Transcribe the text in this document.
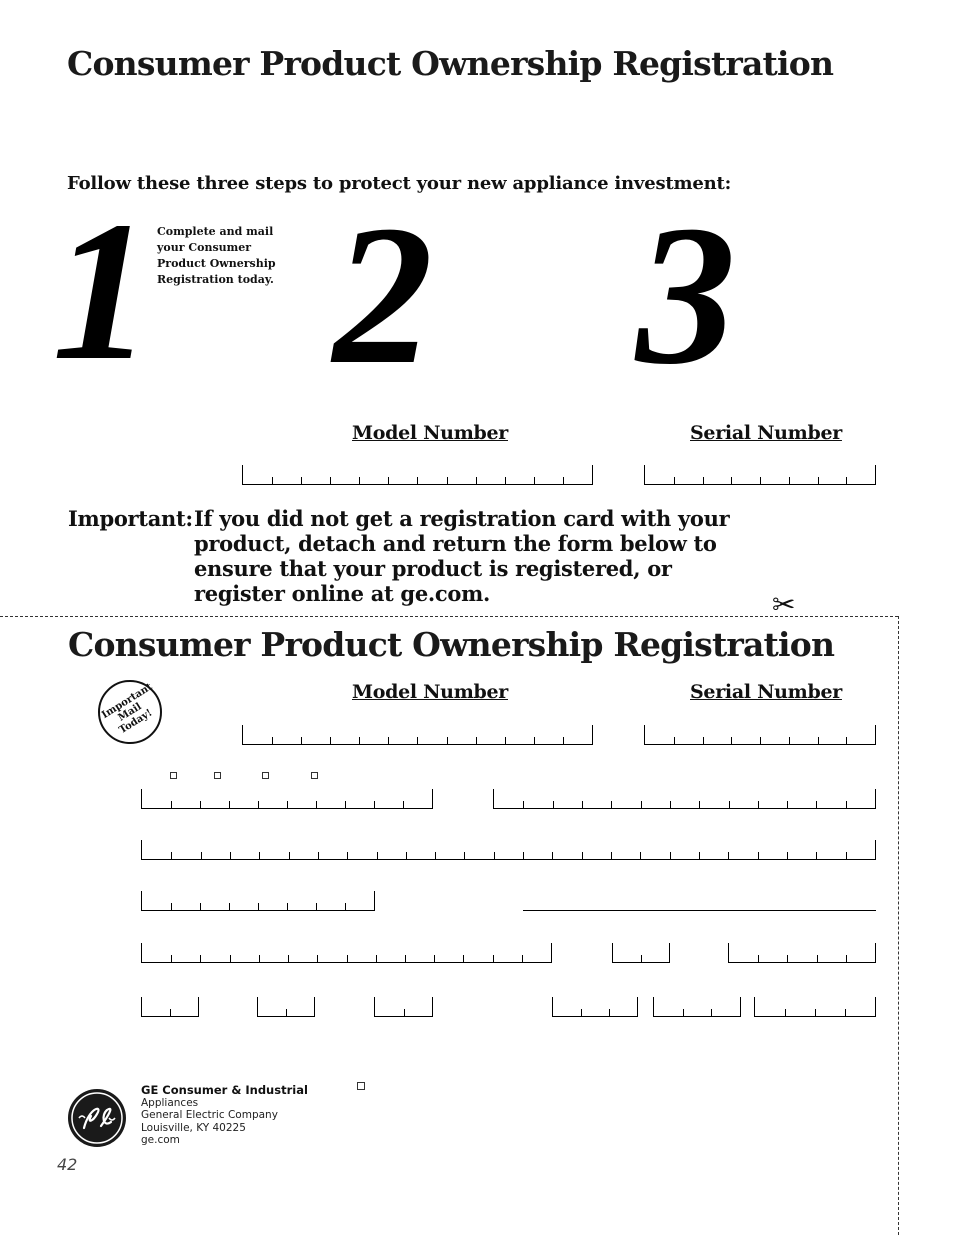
Consumer Product Ownership Registration
Follow these three steps to protect your new appliance investment:
1 Complete and mail your Consumer Product Ownership Registration today. 2 3
Model Number	Serial Number
Important: If you did not get a registration card with your product, detach and return the form below to ensure that your product is registered, or register online at ge.com.	✂
Consumer Product Ownership Registration
Important Mail Today!
Model Number	Serial Number
GE Consumer & Industrial
Appliances
General Electric Company
Louisville, KY 40225
ge.com
42
